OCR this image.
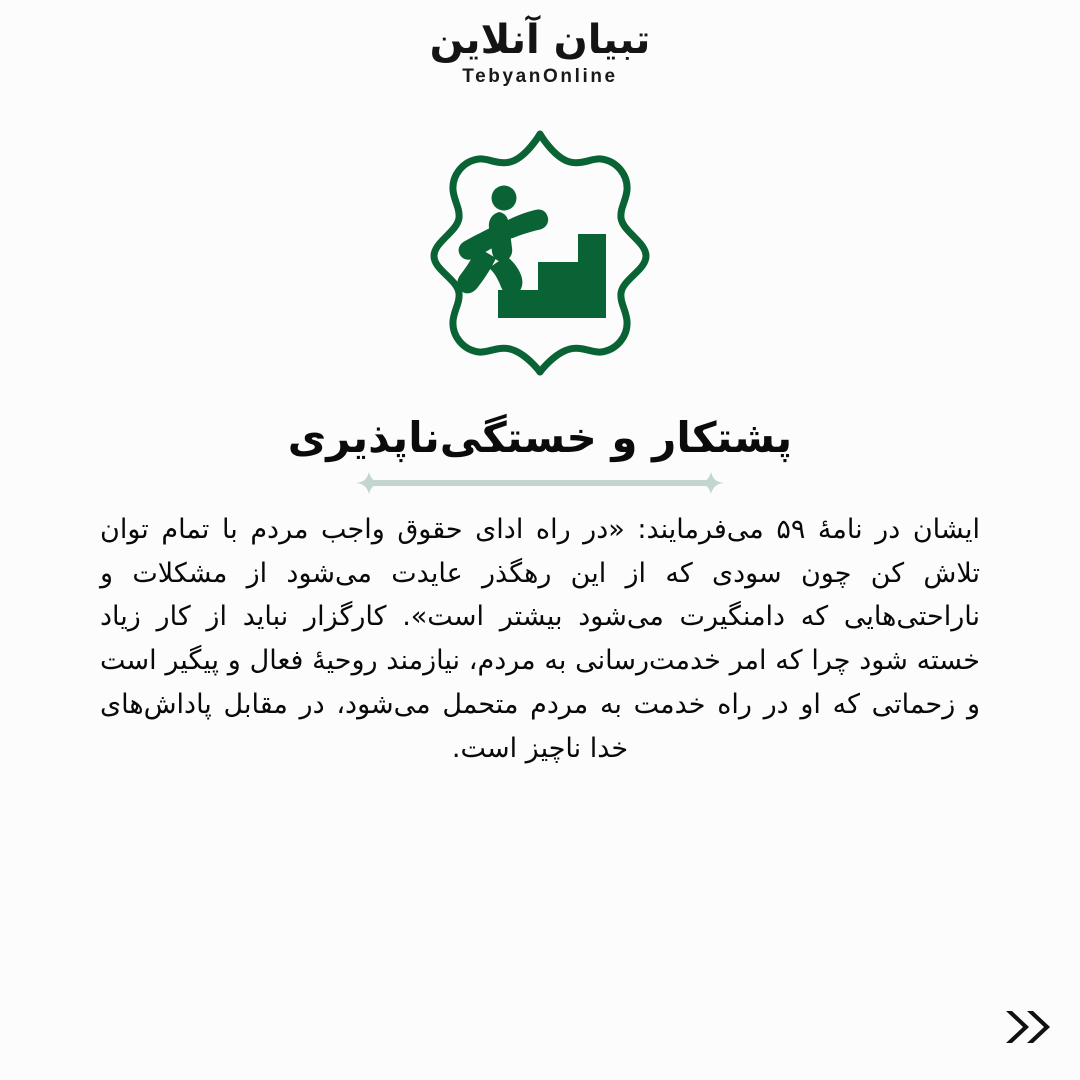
تبیان آنلاین
TebyanOnline
پشتکار و خستگی‌ناپذیری

ایشان در نامهٔ ۵۹ می‌فرمایند: «در راه ادای حقوق واجب مردم با تمام توان تلاش کن چون سودی که از این رهگذر عایدت می‌شود از مشکلات و ناراحتی‌هایی که دامنگیرت می‌شود بیشتر است». کارگزار نباید از کار زیاد خسته شود چرا که امر خدمت‌رسانی به مردم، نیازمند روحیهٔ فعال و پیگیر است و زحماتی که او در راه خدمت به مردم متحمل می‌شود، در مقابل پاداش‌های خدا ناچیز است.
